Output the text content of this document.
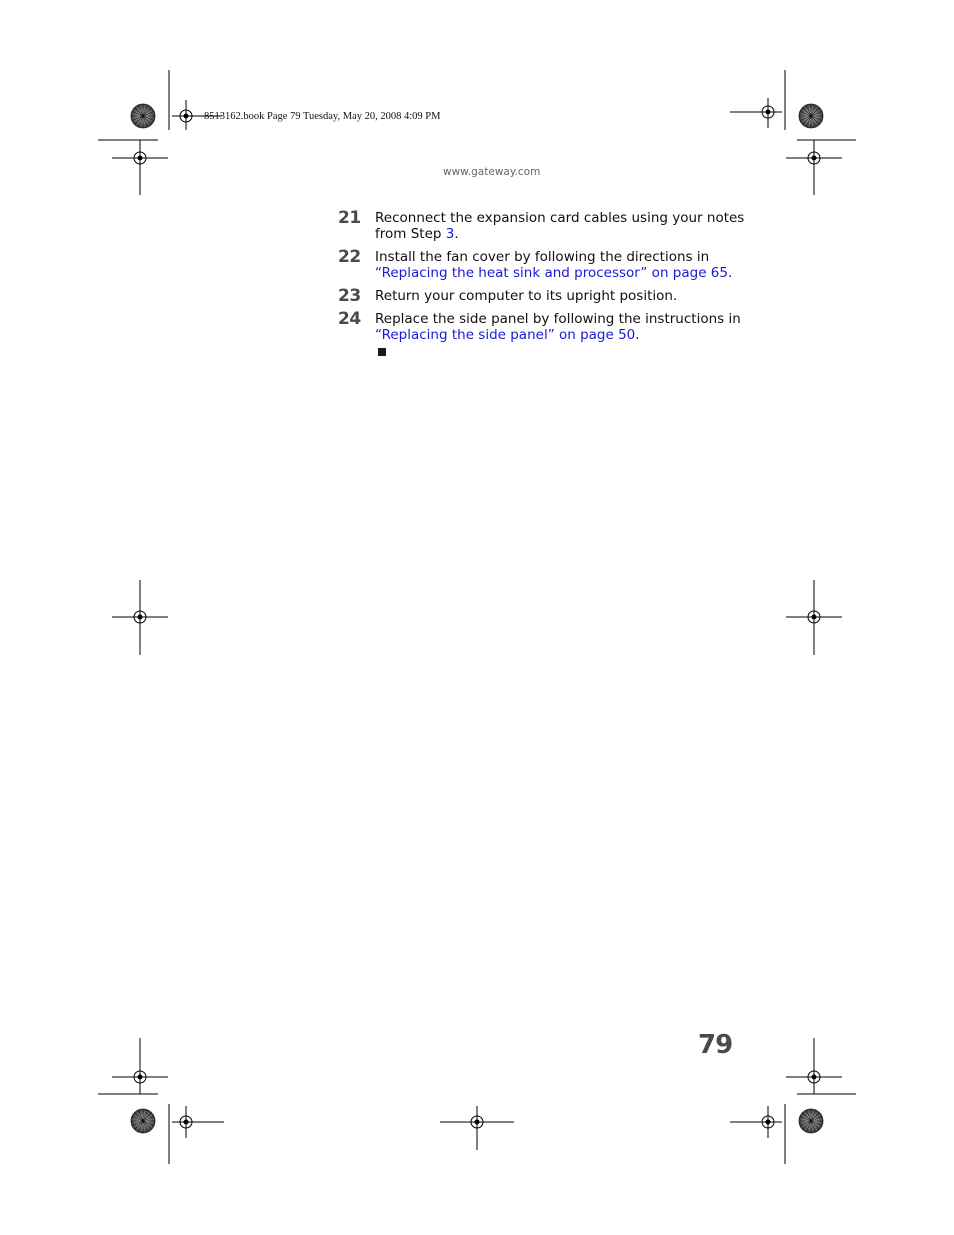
8513162.book Page 79 Tuesday, May 20, 2008 4:09 PM
www.gateway.com
21 Reconnect the expansion card cables using your notes
from Step 3.
22 Install the fan cover by following the directions in
“Replacing the heat sink and processor” on page 65.
23 Return your computer to its upright position.
24 Replace the side panel by following the instructions in
“Replacing the side panel” on page 50.
79
